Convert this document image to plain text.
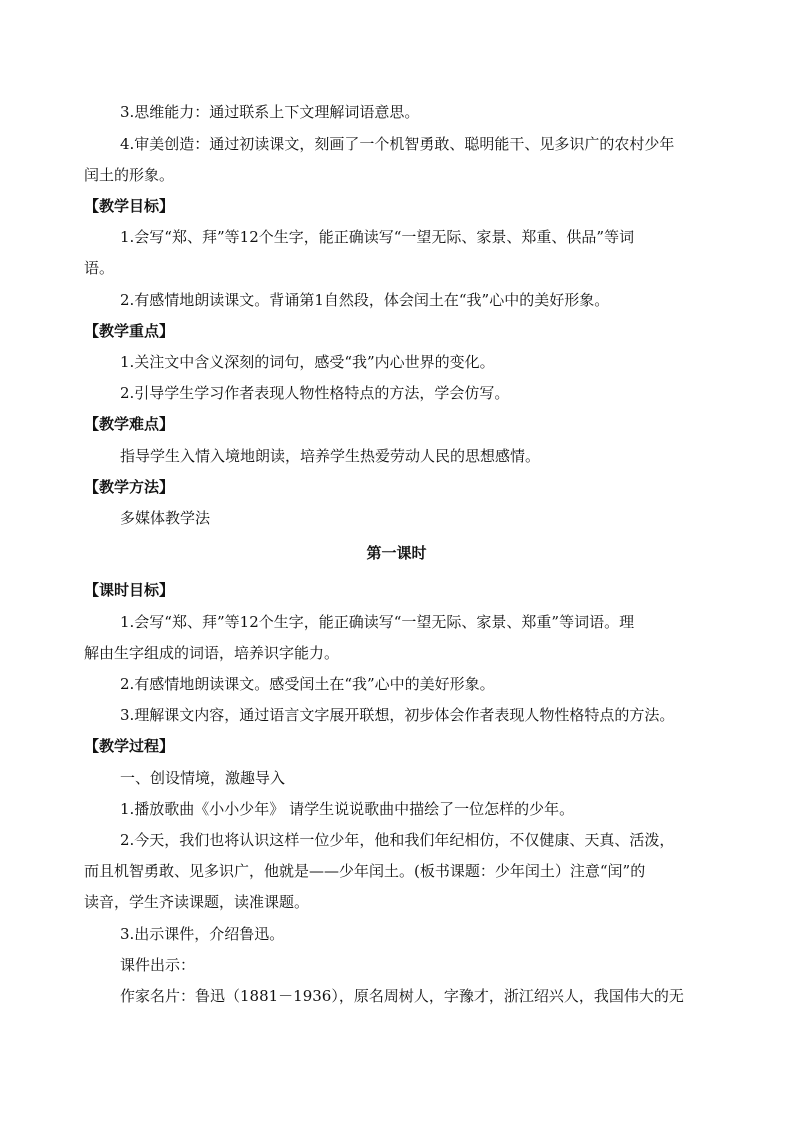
3.思维能力：通过联系上下文理解词语意思。
4.审美创造：通过初读课文，刻画了一个机智勇敢、聪明能干、见多识广的农村少年
闰土的形象。
【教学目标】
1.会写“郑、拜”等12个生字，能正确读写“一望无际、家景、郑重、供品”等词
语。
2.有感情地朗读课文。背诵第1自然段，体会闰土在“我”心中的美好形象。
【教学重点】
1.关注文中含义深刻的词句，感受“我”内心世界的变化。
2.引导学生学习作者表现人物性格特点的方法，学会仿写。
【教学难点】
指导学生入情入境地朗读，培养学生热爱劳动人民的思想感情。
【教学方法】
多媒体教学法
第一课时
【课时目标】
1.会写“郑、拜”等12个生字，能正确读写“一望无际、家景、郑重”等词语。理
解由生字组成的词语，培养识字能力。
2.有感情地朗读课文。感受闰土在“我”心中的美好形象。
3.理解课文内容，通过语言文字展开联想，初步体会作者表现人物性格特点的方法。
【教学过程】
一、创设情境，激趣导入
1.播放歌曲《小小少年》 请学生说说歌曲中描绘了一位怎样的少年。
2.今天，我们也将认识这样一位少年，他和我们年纪相仿，不仅健康、天真、活泼，
而且机智勇敢、见多识广，他就是——少年闰土。(板书课题：少年闰土）注意“闰”的
读音，学生齐读课题，读准课题。
3.出示课件，介绍鲁迅。
课件出示：
作家名片：鲁迅（1881－1936），原名周树人，字豫才，浙江绍兴人，我国伟大的无
